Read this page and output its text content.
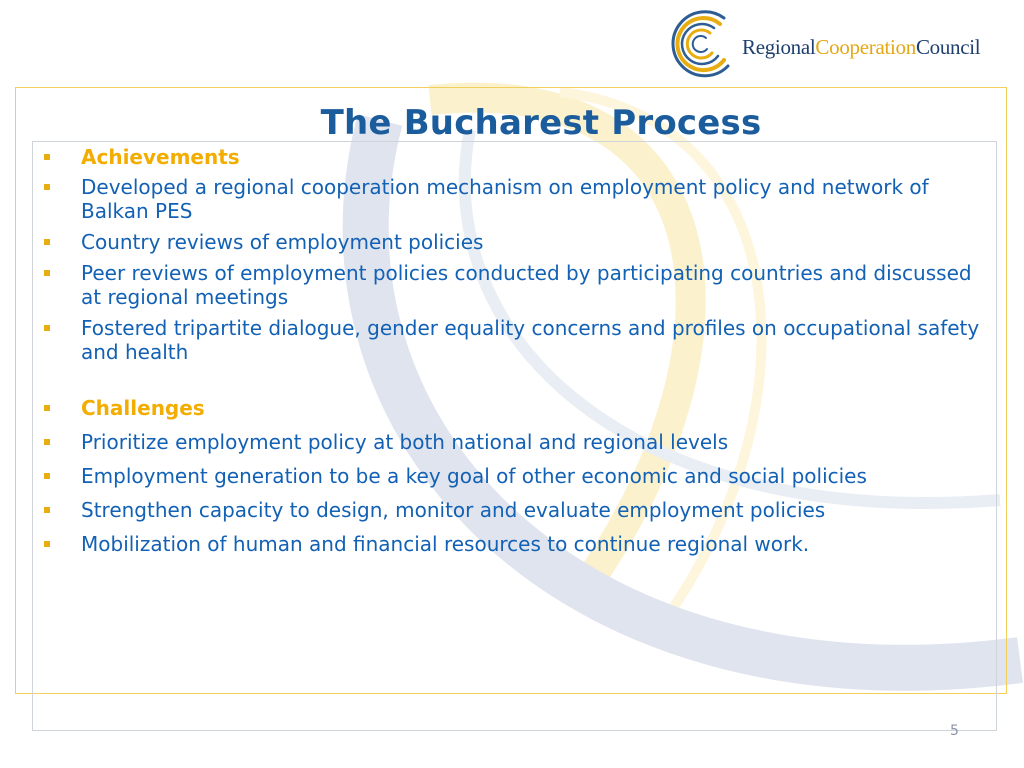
RegionalCooperationCouncil
The Bucharest Process
Achievements
Developed a regional cooperation mechanism on employment policy and network of Balkan PES
Country reviews of employment policies
Peer reviews of employment policies conducted by participating countries and discussed at regional meetings
Fostered tripartite dialogue, gender equality concerns and profiles on occupational safety and health
Challenges
Prioritize employment policy at both national and regional levels
Employment generation to be a key goal of other economic and social policies
Strengthen capacity to design, monitor and evaluate employment policies
Mobilization of human and financial resources to continue regional work.
5
